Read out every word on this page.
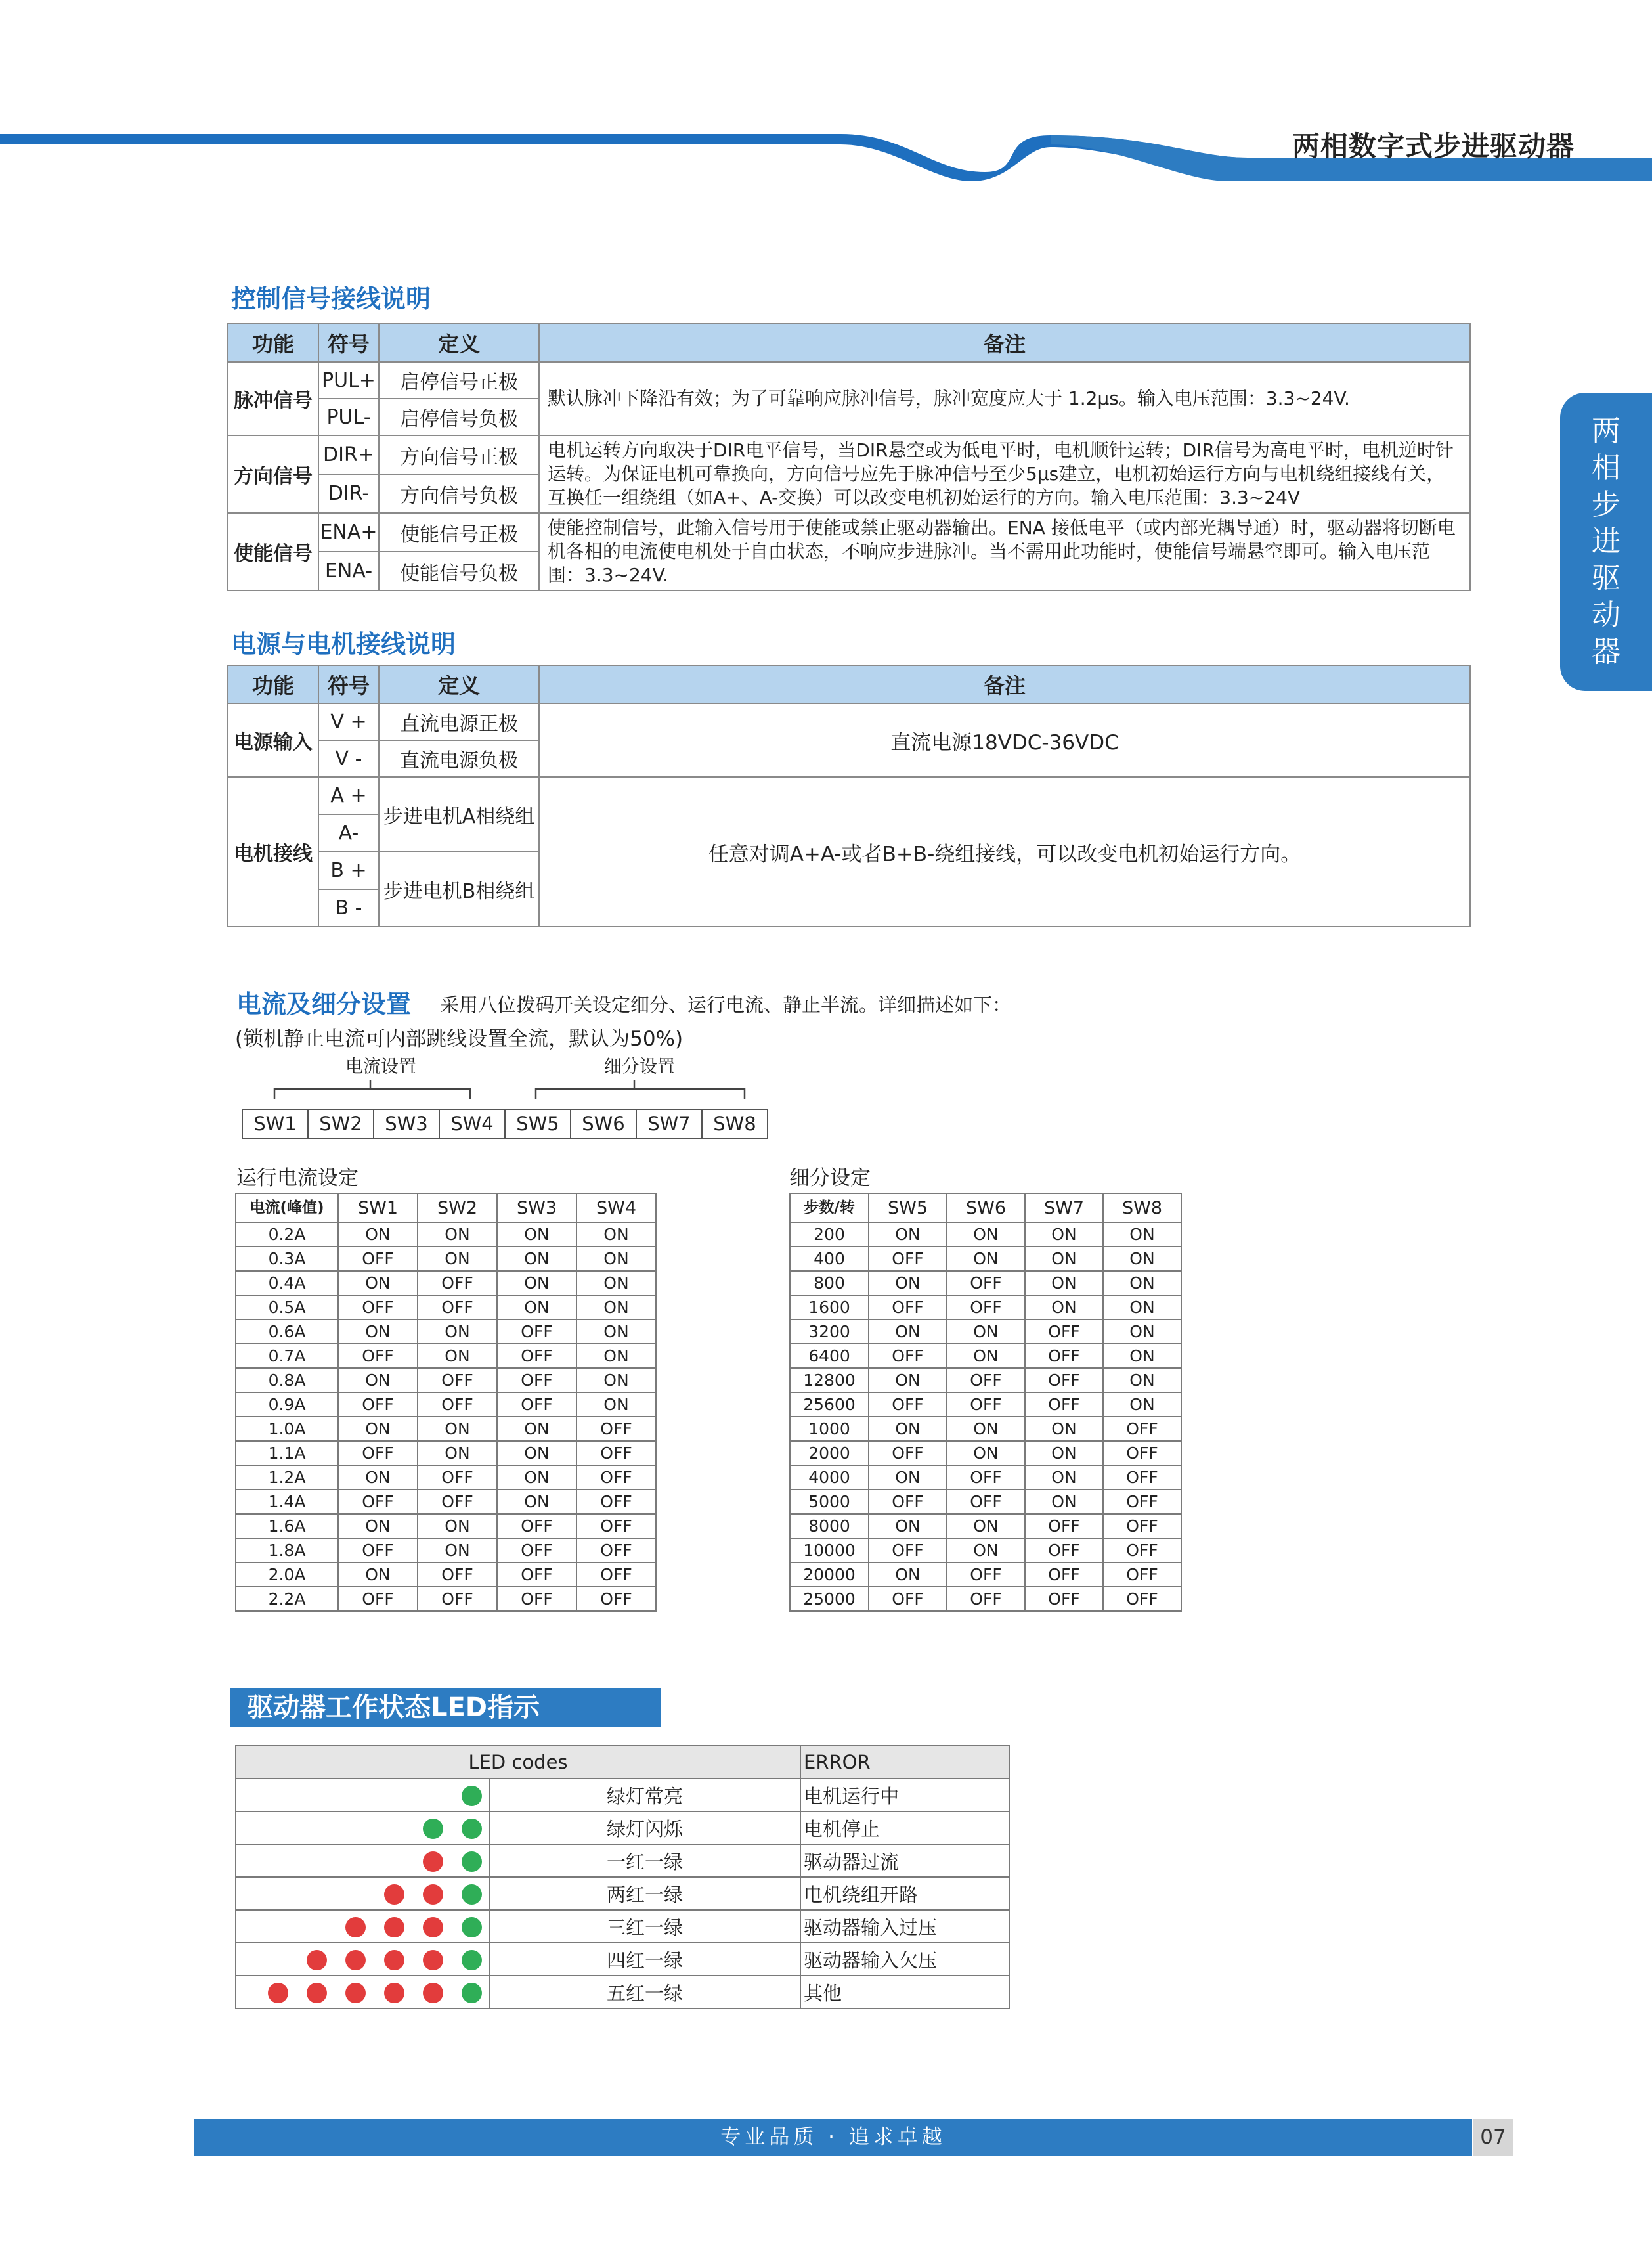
两相数字式步进驱动器
两
相
步
进
驱
动
器
控制信号接线说明
功能	符号	定义	备注
脉冲信号	PUL+	启停信号正极	默认脉冲下降沿有效；为了可靠响应脉冲信号，脉冲宽度应大于 1.2μs。输入电压范围：3.3~24V.
	PUL-	启停信号负极	
方向信号	DIR+	方向信号正极	电机运转方向取决于DIR电平信号，当DIR悬空或为低电平时，电机顺针运转；DIR信号为高电平时，电机逆时针运转。为保证电机可靠换向，方向信号应先于脉冲信号至少5μs建立，电机初始运行方向与电机绕组接线有关，互换任一组绕组（如A+、A-交换）可以改变电机初始运行的方向。输入电压范围：3.3~24V
	DIR-	方向信号负极	
使能信号	ENA+	使能信号正极	使能控制信号，此输入信号用于使能或禁止驱动器输出。ENA 接低电平（或内部光耦导通）时，驱动器将切断电机各相的电流使电机处于自由状态，不响应步进脉冲。当不需用此功能时，使能信号端悬空即可。输入电压范围：3.3~24V.
	ENA-	使能信号负极	
电源与电机接线说明
功能	符号	定义	备注
电源输入	V +	直流电源正极	直流电源18VDC-36VDC
	V -	直流电源负极	
电机接线	A +	步进电机A相绕组	任意对调A+A-或者B+B-绕组接线，可以改变电机初始运行方向。
	A-		
	B +	步进电机B相绕组	
	B -		
电流及细分设置 采用八位拨码开关设定细分、运行电流、静止半流。详细描述如下：
(锁机静止电流可内部跳线设置全流，默认为50%)
电流设置	细分设置
SW1	SW2	SW3	SW4	SW5	SW6	SW7	SW8
运行电流设定	细分设定
电流(峰值)	SW1	SW2	SW3	SW4
0.2A	ON	ON	ON	ON
0.3A	OFF	ON	ON	ON
0.4A	ON	OFF	ON	ON
0.5A	OFF	OFF	ON	ON
0.6A	ON	ON	OFF	ON
0.7A	OFF	ON	OFF	ON
0.8A	ON	OFF	OFF	ON
0.9A	OFF	OFF	OFF	ON
1.0A	ON	ON	ON	OFF
1.1A	OFF	ON	ON	OFF
1.2A	ON	OFF	ON	OFF
1.4A	OFF	OFF	ON	OFF
1.6A	ON	ON	OFF	OFF
1.8A	OFF	ON	OFF	OFF
2.0A	ON	OFF	OFF	OFF
2.2A	OFF	OFF	OFF	OFF
步数/转	SW5	SW6	SW7	SW8
200	ON	ON	ON	ON
400	OFF	ON	ON	ON
800	ON	OFF	ON	ON
1600	OFF	OFF	ON	ON
3200	ON	ON	OFF	ON
6400	OFF	ON	OFF	ON
12800	ON	OFF	OFF	ON
25600	OFF	OFF	OFF	ON
1000	ON	ON	ON	OFF
2000	OFF	ON	ON	OFF
4000	ON	OFF	ON	OFF
5000	OFF	OFF	ON	OFF
8000	ON	ON	OFF	OFF
10000	OFF	ON	OFF	OFF
20000	ON	OFF	OFF	OFF
25000	OFF	OFF	OFF	OFF
驱动器工作状态LED指示
LED codes		ERROR
	绿灯常亮	电机运行中
	绿灯闪烁	电机停止
	一红一绿	驱动器过流
	两红一绿	电机绕组开路
	三红一绿	驱动器输入过压
	四红一绿	驱动器输入欠压
	五红一绿	其他
专业品质 · 追求卓越	07
